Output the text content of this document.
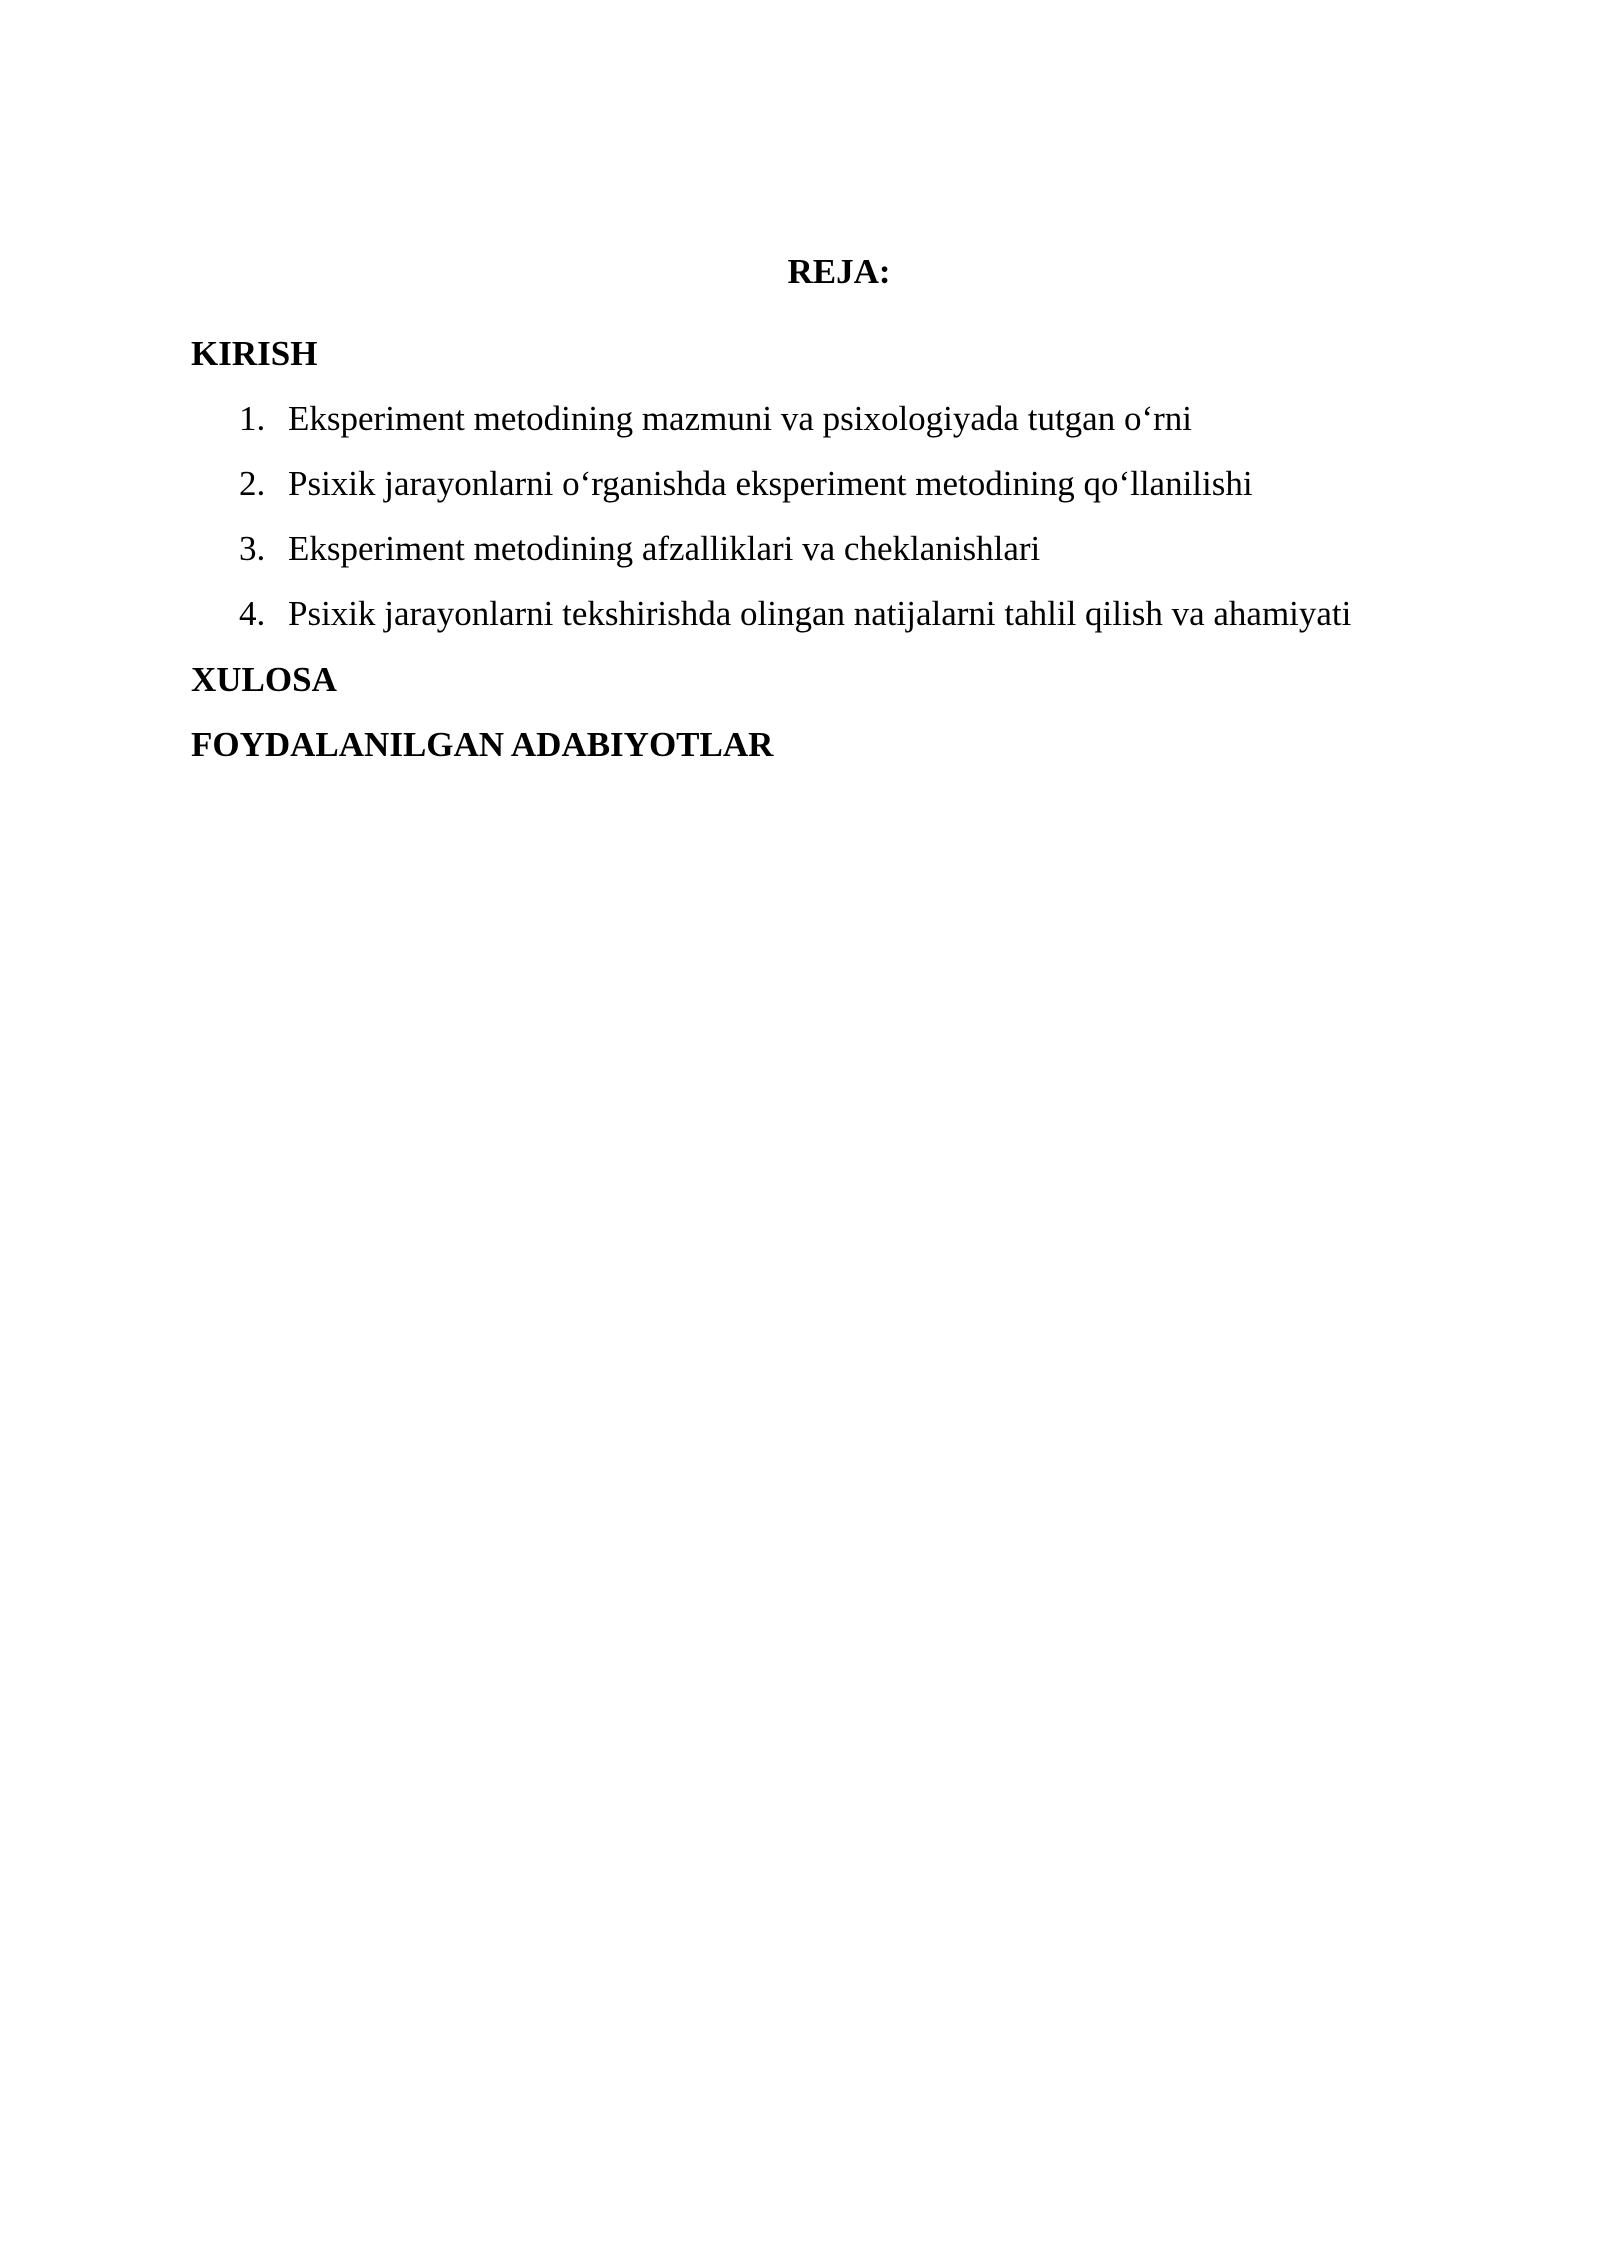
REJA:
KIRISH
1. Eksperiment metodining mazmuni va psixologiyada tutgan o‘rni
2. Psixik jarayonlarni o‘rganishda eksperiment metodining qo‘llanilishi
3. Eksperiment metodining afzalliklari va cheklanishlari
4. Psixik jarayonlarni tekshirishda olingan natijalarni tahlil qilish va ahamiyati
XULOSA
FOYDALANILGAN ADABIYOTLAR
